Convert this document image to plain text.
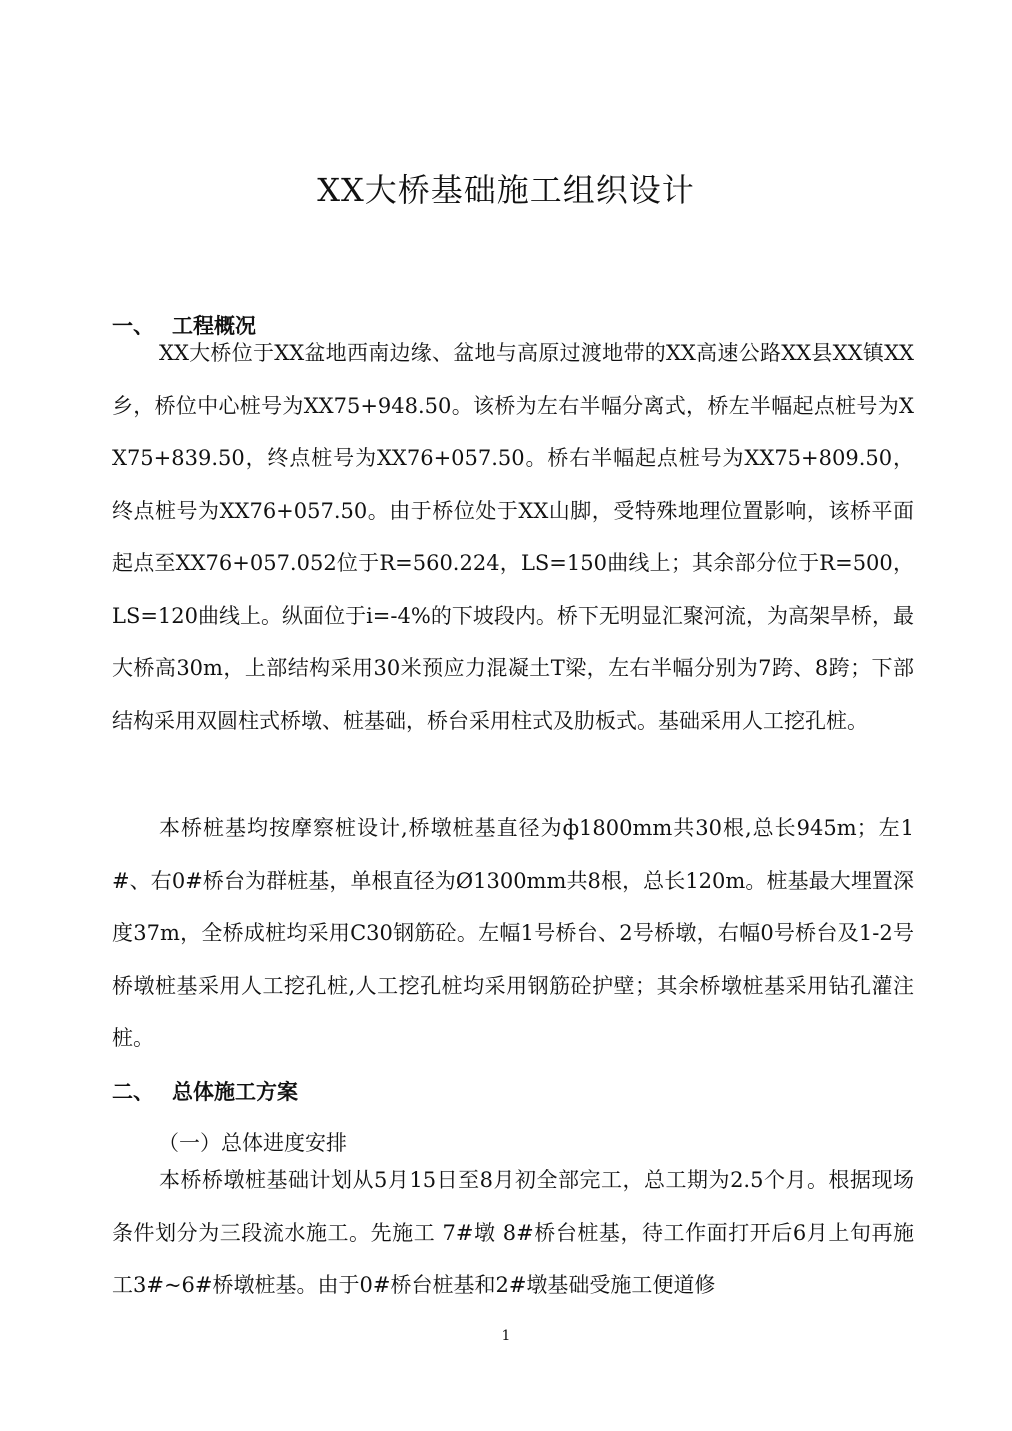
XX大桥基础施工组织设计
一、 工程概况

XX大桥位于XX盆地西南边缘、盆地与高原过渡地带的XX高速公路XX县XX镇XX乡，桥位中心桩号为XX75+948.50。该桥为左右半幅分离式，桥左半幅起点桩号为XX75+839.50，终点桩号为XX76+057.50。桥右半幅起点桩号为XX75+809.50，终点桩号为XX76+057.50。由于桥位处于XX山脚，受特殊地理位置影响，该桥平面起点至XX76+057.052位于R=560.224，LS=150曲线上；其余部分位于R=500，LS=120曲线上。纵面位于i=-4%的下坡段内。桥下无明显汇聚河流，为高架旱桥，最大桥高30m，上部结构采用30米预应力混凝土T梁，左右半幅分别为7跨、8跨；下部结构采用双圆柱式桥墩、桩基础，桥台采用柱式及肋板式。基础采用人工挖孔桩。

本桥桩基均按摩察桩设计,桥墩桩基直径为ф1800mm共30根,总长945m；左1#、右0#桥台为群桩基，单根直径为Ø1300mm共8根，总长120m。桩基最大埋置深度37m，全桥成桩均采用C30钢筋砼。左幅1号桥台、2号桥墩，右幅0号桥台及1-2号桥墩桩基采用人工挖孔桩,人工挖孔桩均采用钢筋砼护壁；其余桥墩桩基采用钻孔灌注桩。

二、 总体施工方案
（一）总体进度安排

本桥桥墩桩基础计划从5月15日至8月初全部完工，总工期为2.5个月。根据现场条件划分为三段流水施工。先施工 7#墩 8#桥台桩基，待工作面打开后6月上旬再施工3#~6#桥墩桩基。由于0#桥台桩基和2#墩基础受施工便道修

1
